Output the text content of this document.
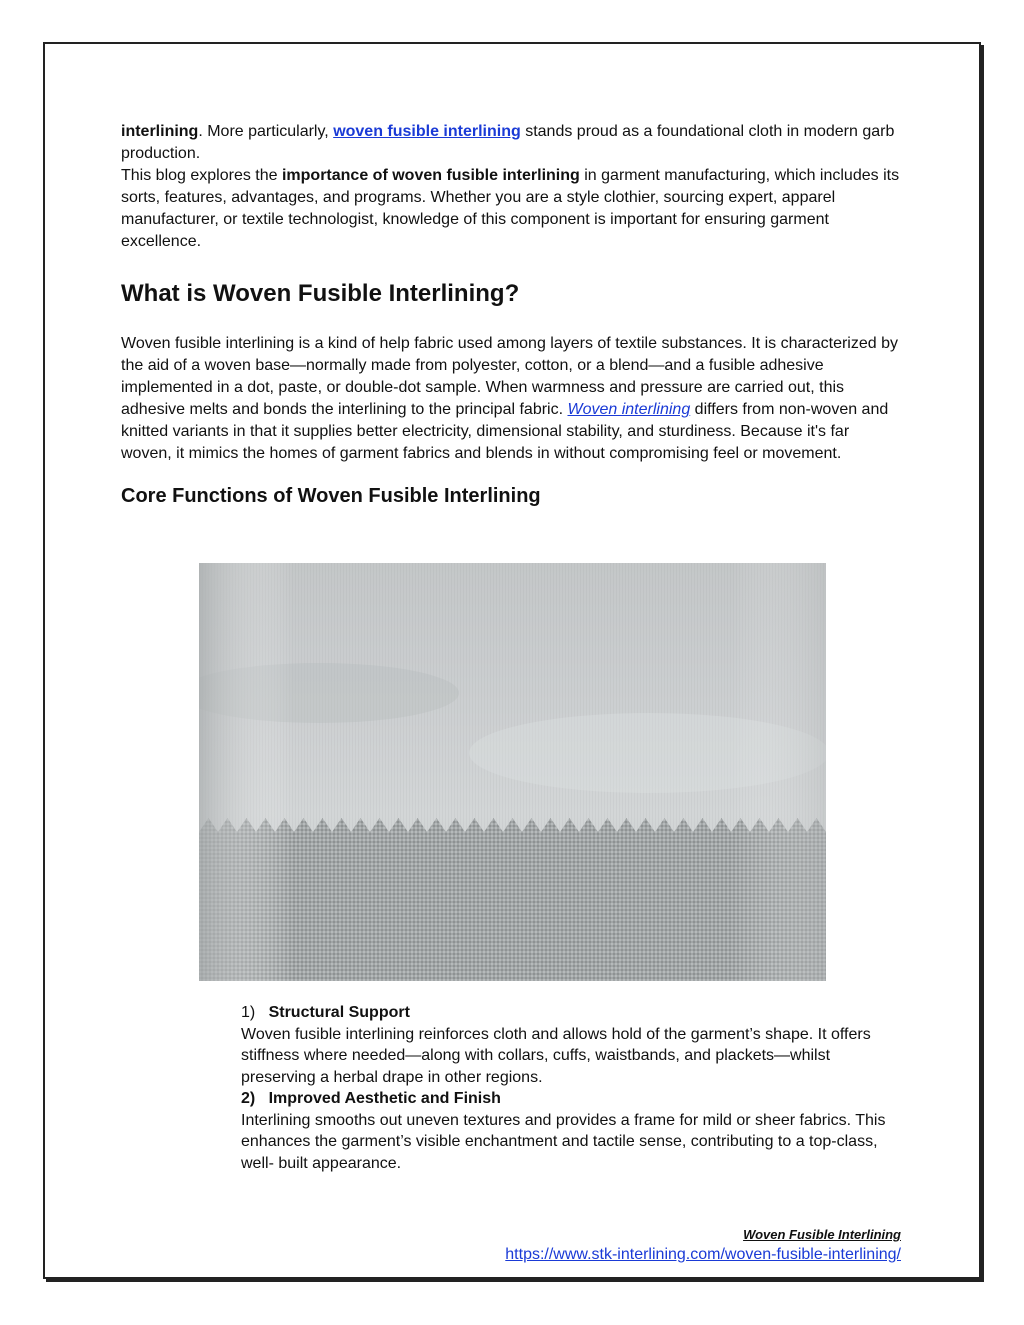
interlining. More particularly, woven fusible interlining stands proud as a foundational cloth in modern garb production.

This blog explores the importance of woven fusible interlining in garment manufacturing, which includes its sorts, features, advantages, and programs. Whether you are a style clothier, sourcing expert, apparel manufacturer, or textile technologist, knowledge of this component is important for ensuring garment excellence.

What is Woven Fusible Interlining?

Woven fusible interlining is a kind of help fabric used among layers of textile substances. It is characterized by the aid of a woven base—normally made from polyester, cotton, or a blend—and a fusible adhesive implemented in a dot, paste, or double-dot sample. When warmness and pressure are carried out, this adhesive melts and bonds the interlining to the principal fabric. Woven interlining differs from non-woven and knitted variants in that it supplies better electricity, dimensional stability, and sturdiness. Because it's far woven, it mimics the homes of garment fabrics and blends in without compromising feel or movement.

Core Functions of Woven Fusible Interlining

1) Structural Support

Woven fusible interlining reinforces cloth and allows hold of the garment’s shape. It offers stiffness where needed—along with collars, cuffs, waistbands, and plackets—whilst preserving a herbal drape in other regions.

2) Improved Aesthetic and Finish

Interlining smooths out uneven textures and provides a frame for mild or sheer fabrics. This enhances the garment’s visible enchantment and tactile sense, contributing to a top-class, well- built appearance.

Woven Fusible Interlining
https://www.stk-interlining.com/woven-fusible-interlining/
